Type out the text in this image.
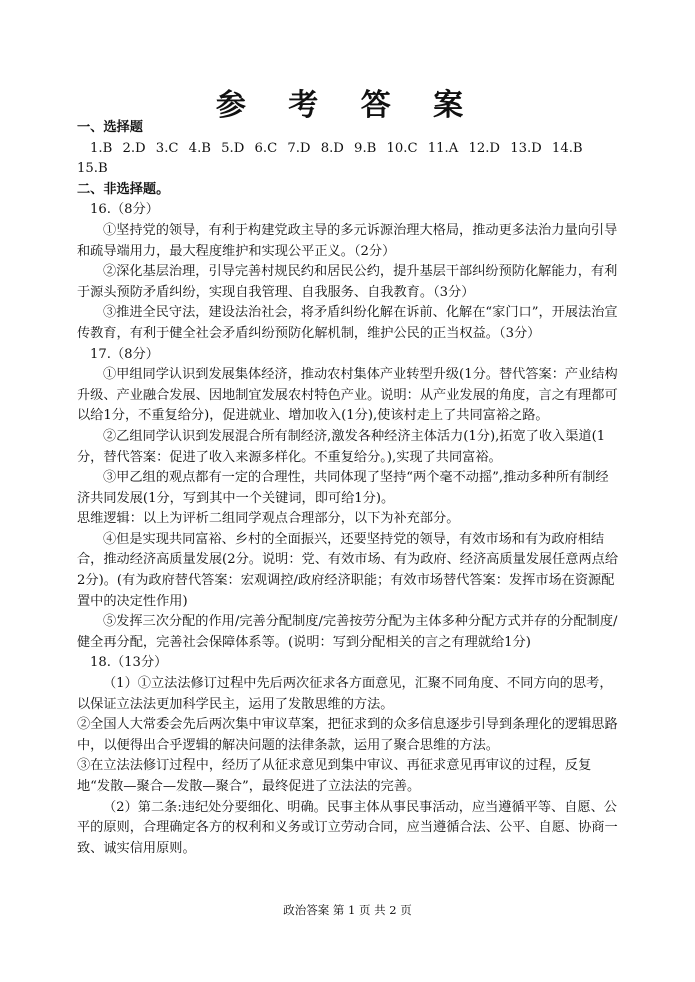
参 考 答 案

一、选择题

1.B 2.D 3.C 4.B 5.D 6.C 7.D 8.D 9.B 10.C 11.A 12.D 13.D 14.B

15.B

二、非选择题。

16.（8分）

①坚持党的领导，有利于构建党政主导的多元诉源治理大格局，推动更多法治力量向引导和疏导端用力，最大程度维护和实现公平正义。（2分）

②深化基层治理，引导完善村规民约和居民公约，提升基层干部纠纷预防化解能力，有利于源头预防矛盾纠纷，实现自我管理、自我服务、自我教育。（3分）

③推进全民守法，建设法治社会，将矛盾纠纷化解在诉前、化解在“家门口”，开展法治宣传教育，有利于健全社会矛盾纠纷预防化解机制，维护公民的正当权益。（3分）

17.（8分）

①甲组同学认识到发展集体经济，推动农村集体产业转型升级(1分。替代答案：产业结构升级、产业融合发展、因地制宜发展农村特色产业。说明：从产业发展的角度，言之有理都可以给1分，不重复给分)，促进就业、增加收入(1分),使该村走上了共同富裕之路。

②乙组同学认识到发展混合所有制经济,激发各种经济主体活力(1分),拓宽了收入渠道(1分，替代答案：促进了收入来源多样化。不重复给分。),实现了共同富裕。

③甲乙组的观点都有一定的合理性，共同体现了坚持“两个毫不动摇”,推动多种所有制经济共同发展(1分，写到其中一个关键词，即可给1分)。

思维逻辑：以上为评析二组同学观点合理部分，以下为补充部分。

④但是实现共同富裕、乡村的全面振兴，还要坚持党的领导，有效市场和有为政府相结合，推动经济高质量发展(2分。说明：党、有效市场、有为政府、经济高质量发展任意两点给2分)。(有为政府替代答案：宏观调控/政府经济职能；有效市场替代答案：发挥市场在资源配置中的决定性作用)

⑤发挥三次分配的作用/完善分配制度/完善按劳分配为主体多种分配方式并存的分配制度/健全再分配，完善社会保障体系等。(说明：写到分配相关的言之有理就给1分)

18.（13分）

（1）①立法法修订过程中先后两次征求各方面意见，汇聚不同角度、不同方向的思考，以保证立法法更加科学民主，运用了发散思维的方法。

②全国人大常委会先后两次集中审议草案，把征求到的众多信息逐步引导到条理化的逻辑思路中，以便得出合乎逻辑的解决问题的法律条款，运用了聚合思维的方法。

③在立法法修订过程中，经历了从征求意见到集中审议、再征求意见再审议的过程，反复地“发散—聚合—发散—聚合”，最终促进了立法法的完善。

（2）第二条:违纪处分要细化、明确。民事主体从事民事活动，应当遵循平等、自愿、公平的原则，合理确定各方的权利和义务或订立劳动合同，应当遵循合法、公平、自愿、协商一致、诚实信用原则。

政治答案 第 1 页 共 2 页
